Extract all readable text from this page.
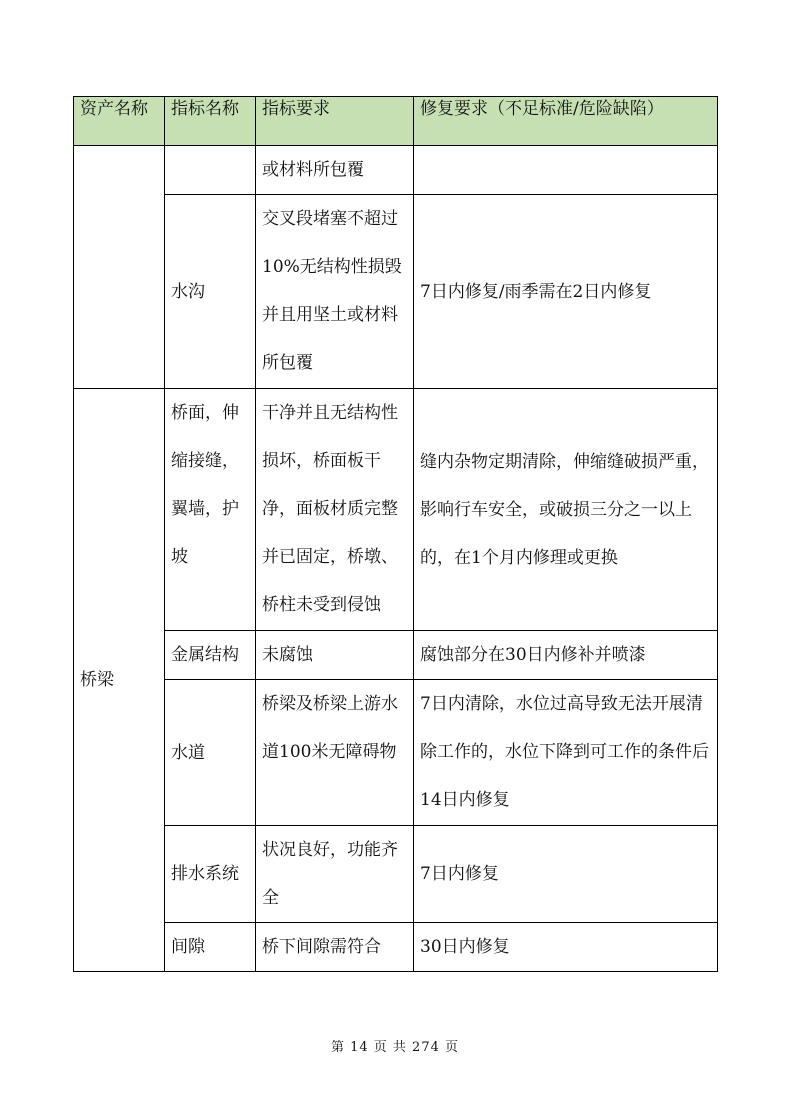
资产名称	指标名称	指标要求	修复要求（不足标准/危险缺陷）
		或材料所包覆	
	水沟	交叉段堵塞不超过10%无结构性损毁并且用坚土或材料所包覆	7日内修复/雨季需在2日内修复
桥梁	桥面，伸缩接缝，翼墙，护坡	干净并且无结构性损坏，桥面板干净，面板材质完整并已固定，桥墩、桥柱未受到侵蚀	缝内杂物定期清除，伸缩缝破损严重，影响行车安全，或破损三分之一以上的，在1个月内修理或更换
	金属结构	未腐蚀	腐蚀部分在30日内修补并喷漆
	水道	桥梁及桥梁上游水道100米无障碍物	7日内清除，水位过高导致无法开展清除工作的，水位下降到可工作的条件后14日内修复
	排水系统	状况良好，功能齐全	7日内修复
	间隙	桥下间隙需符合	30日内修复
第 14 页 共 274 页
